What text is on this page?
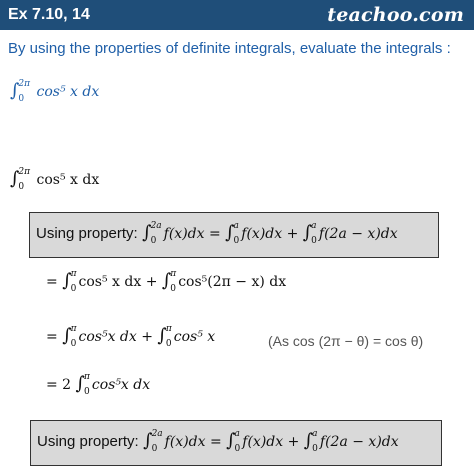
Ex 7.10, 14	teachoo.com
By using the properties of definite integrals, evaluate the integrals :
∫ 2π
0 cos⁵ x dx
∫ 2π
0 cos⁵ x dx
Using property: ∫ 2a
0 f(x)dx = ∫ a
0 f(x)dx + ∫ a
0 f(2a − x)dx
= ∫ π
0 cos⁵ x dx + ∫ π
0 cos⁵(2π − x) dx
= ∫ π
0 cos⁵x dx + ∫ π
0 cos⁵ x	(As cos (2π − θ) = cos θ)
= 2 ∫ π
0 cos⁵x dx
Using property: ∫ 2a
0 f(x)dx = ∫ a
0 f(x)dx + ∫ a
0 f(2a − x)dx
